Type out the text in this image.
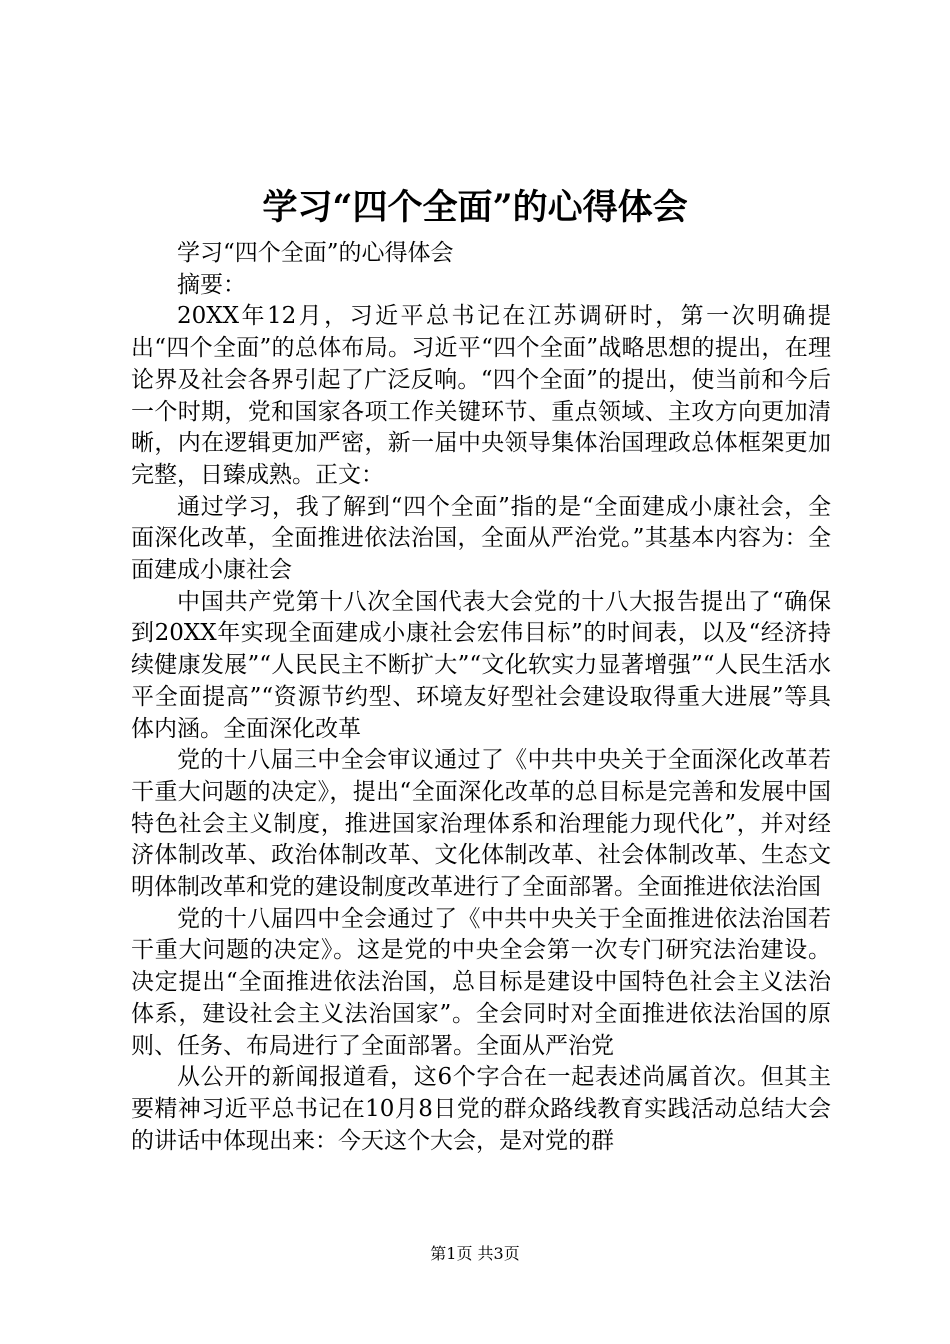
学习“四个全面”的心得体会

学习“四个全面”的心得体会

摘要：

20XX年12月，习近平总书记在江苏调研时，第一次明确提出“四个全面”的总体布局。习近平“四个全面”战略思想的提出，在理论界及社会各界引起了广泛反响。“四个全面”的提出，使当前和今后一个时期，党和国家各项工作关键环节、重点领域、主攻方向更加清晰，内在逻辑更加严密，新一届中央领导集体治国理政总体框架更加完整，日臻成熟。正文：

通过学习，我了解到“四个全面”指的是“全面建成小康社会，全面深化改革，全面推进依法治国，全面从严治党。”其基本内容为：全面建成小康社会

中国共产党第十八次全国代表大会党的十八大报告提出了“确保到20XX年实现全面建成小康社会宏伟目标”的时间表，以及“经济持续健康发展”“人民民主不断扩大”“文化软实力显著增强”“人民生活水平全面提高”“资源节约型、环境友好型社会建设取得重大进展”等具体内涵。全面深化改革

党的十八届三中全会审议通过了《中共中央关于全面深化改革若干重大问题的决定》，提出“全面深化改革的总目标是完善和发展中国特色社会主义制度，推进国家治理体系和治理能力现代化”，并对经济体制改革、政治体制改革、文化体制改革、社会体制改革、生态文明体制改革和党的建设制度改革进行了全面部署。全面推进依法治国

党的十八届四中全会通过了《中共中央关于全面推进依法治国若干重大问题的决定》。这是党的中央全会第一次专门研究法治建设。决定提出“全面推进依法治国，总目标是建设中国特色社会主义法治体系，建设社会主义法治国家”。全会同时对全面推进依法治国的原则、任务、布局进行了全面部署。全面从严治党

从公开的新闻报道看，这6个字合在一起表述尚属首次。但其主要精神习近平总书记在10月8日党的群众路线教育实践活动总结大会的讲话中体现出来：今天这个大会，是对党的群

第1页 共3页
